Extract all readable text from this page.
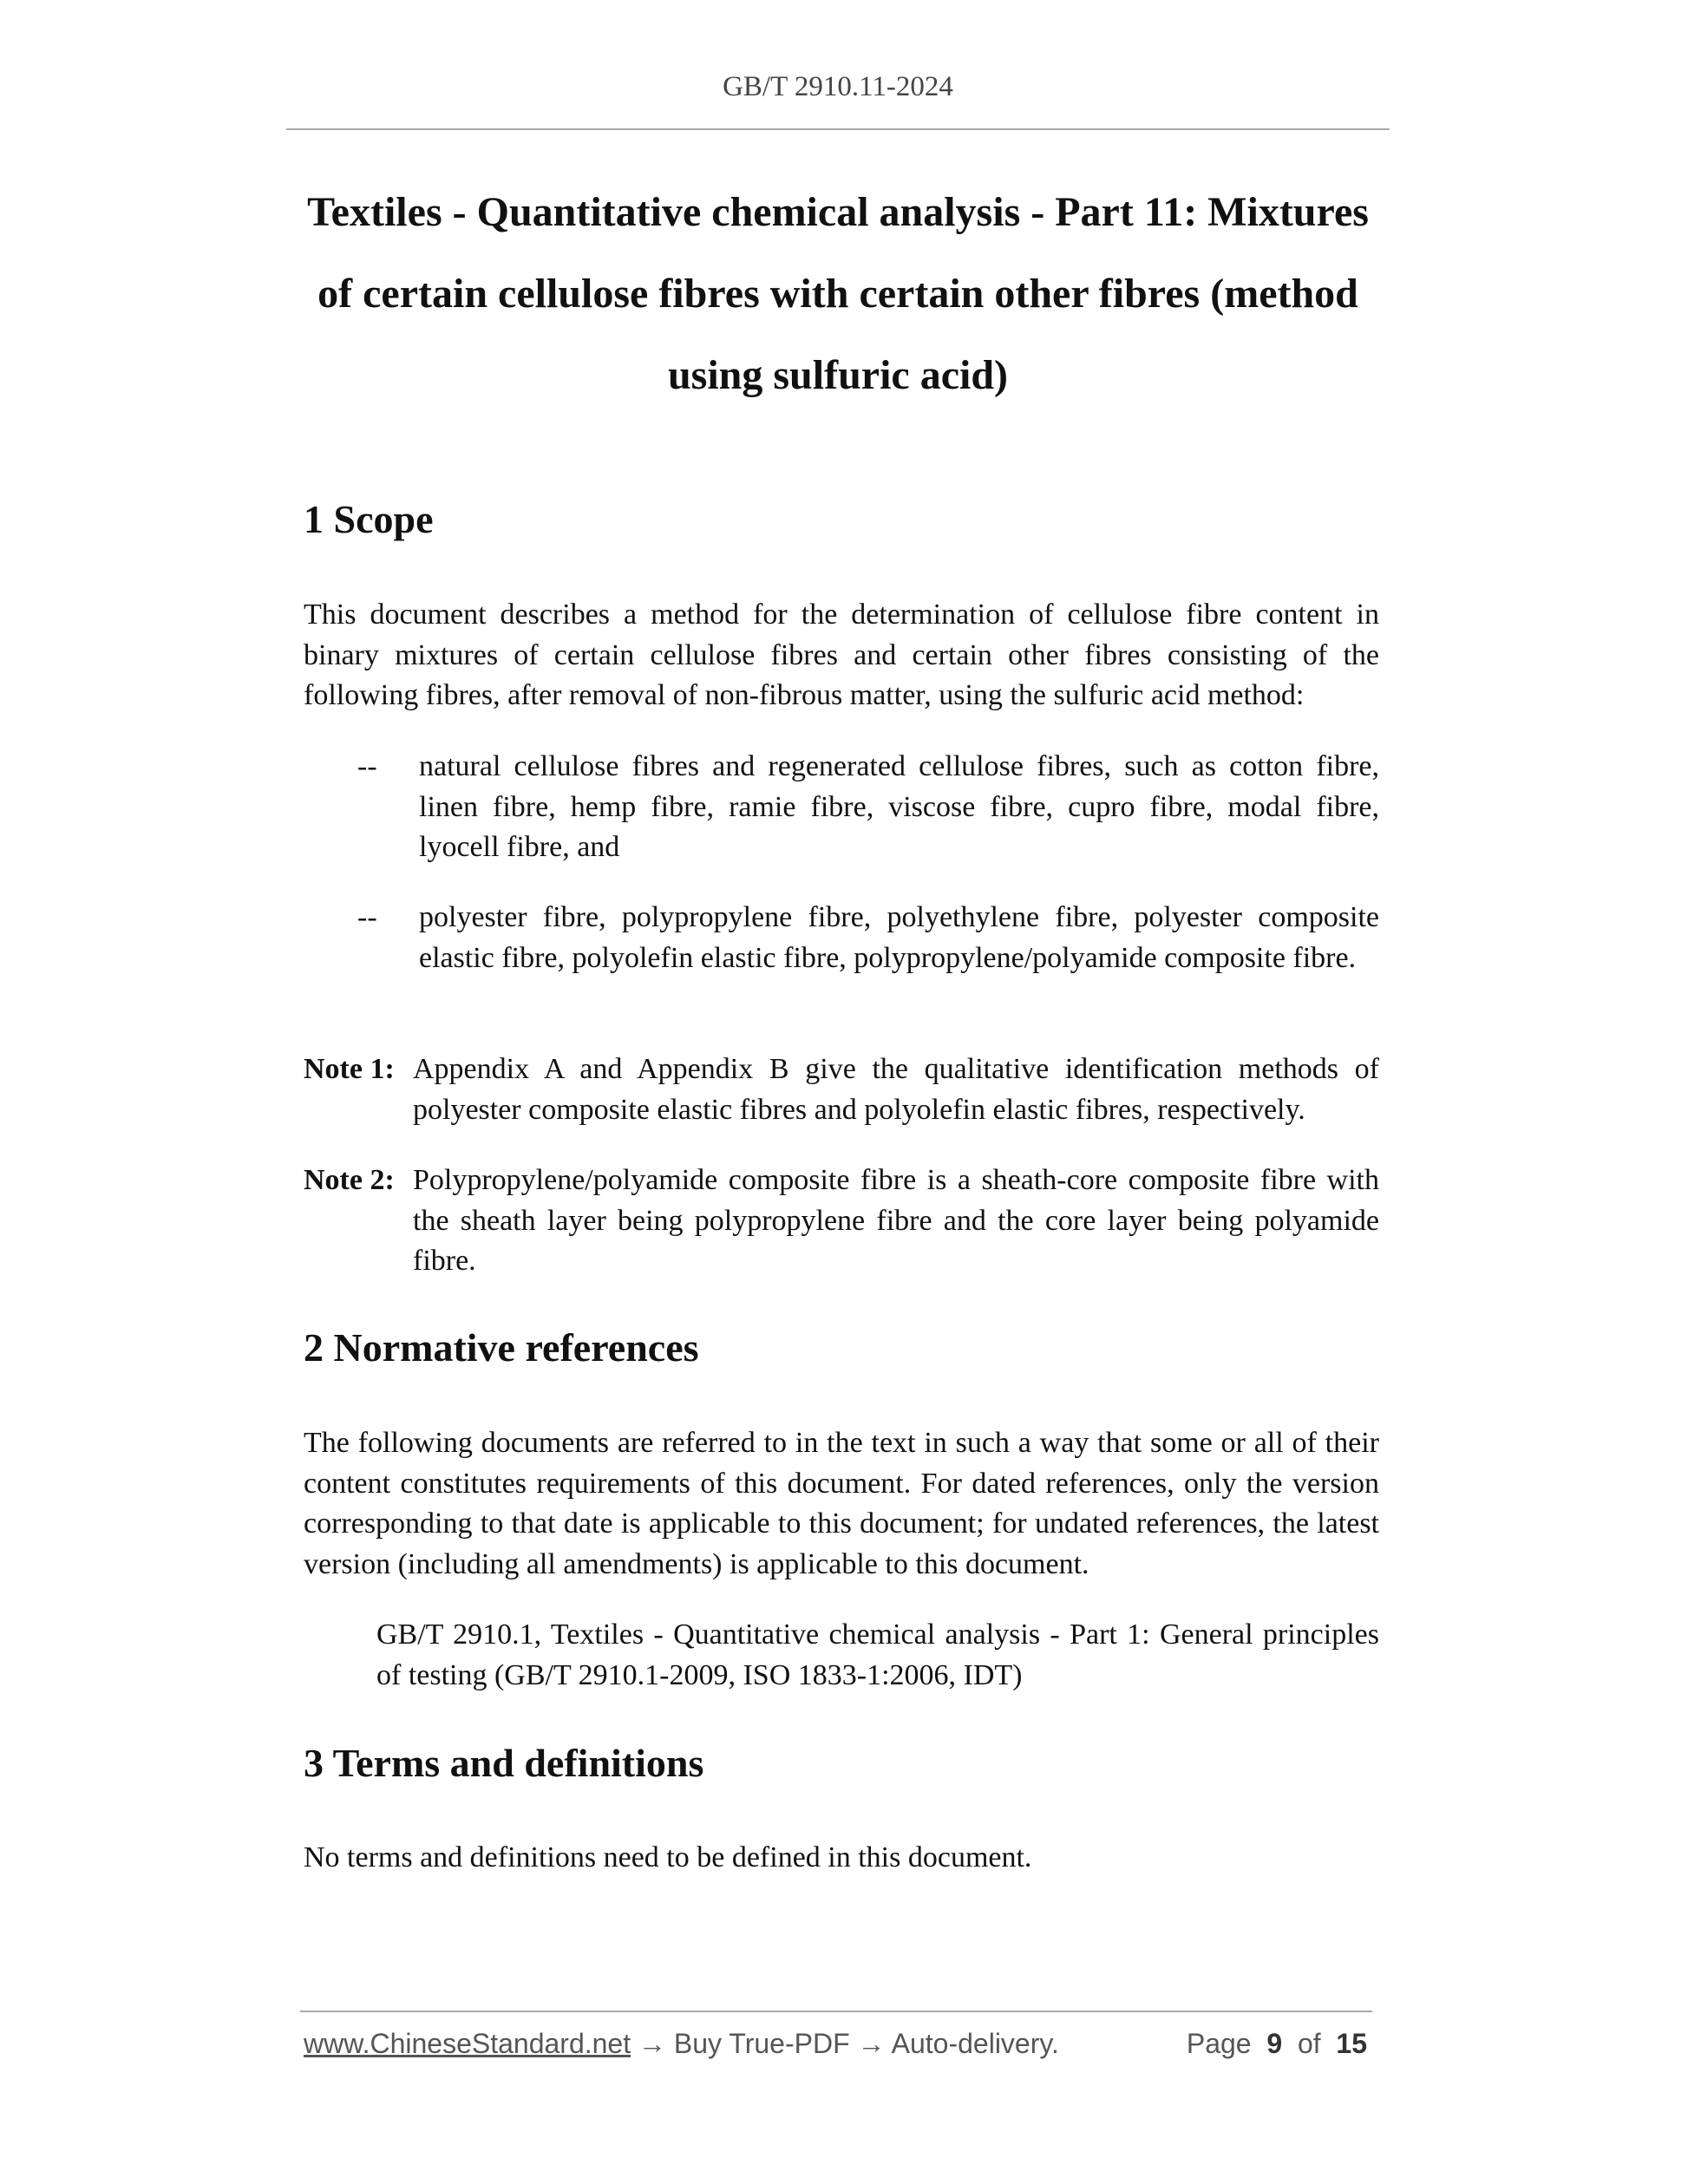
GB/T 2910.11-2024
Textiles - Quantitative chemical analysis - Part 11: Mixtures
of certain cellulose fibres with certain other fibres (method
using sulfuric acid)
1 Scope

This document describes a method for the determination of cellulose fibre content in binary mixtures of certain cellulose fibres and certain other fibres consisting of the following fibres, after removal of non-fibrous matter, using the sulfuric acid method:

-- natural cellulose fibres and regenerated cellulose fibres, such as cotton fibre, linen fibre, hemp fibre, ramie fibre, viscose fibre, cupro fibre, modal fibre, lyocell fibre, and
-- polyester fibre, polypropylene fibre, polyethylene fibre, polyester composite elastic fibre, polyolefin elastic fibre, polypropylene/polyamide composite fibre.
Note 1: Appendix A and Appendix B give the qualitative identification methods of polyester composite elastic fibres and polyolefin elastic fibres, respectively.
Note 2: Polypropylene/polyamide composite fibre is a sheath-core composite fibre with the sheath layer being polypropylene fibre and the core layer being polyamide fibre.
2 Normative references

The following documents are referred to in the text in such a way that some or all of their content constitutes requirements of this document. For dated references, only the version corresponding to that date is applicable to this document; for undated references, the latest version (including all amendments) is applicable to this document.

GB/T 2910.1, Textiles - Quantitative chemical analysis - Part 1: General principles of testing (GB/T 2910.1-2009, ISO 1833-1:2006, IDT)

3 Terms and definitions

No terms and definitions need to be defined in this document.

www.ChineseStandard.net → Buy True-PDF → Auto-delivery.	Page 9 of 15
